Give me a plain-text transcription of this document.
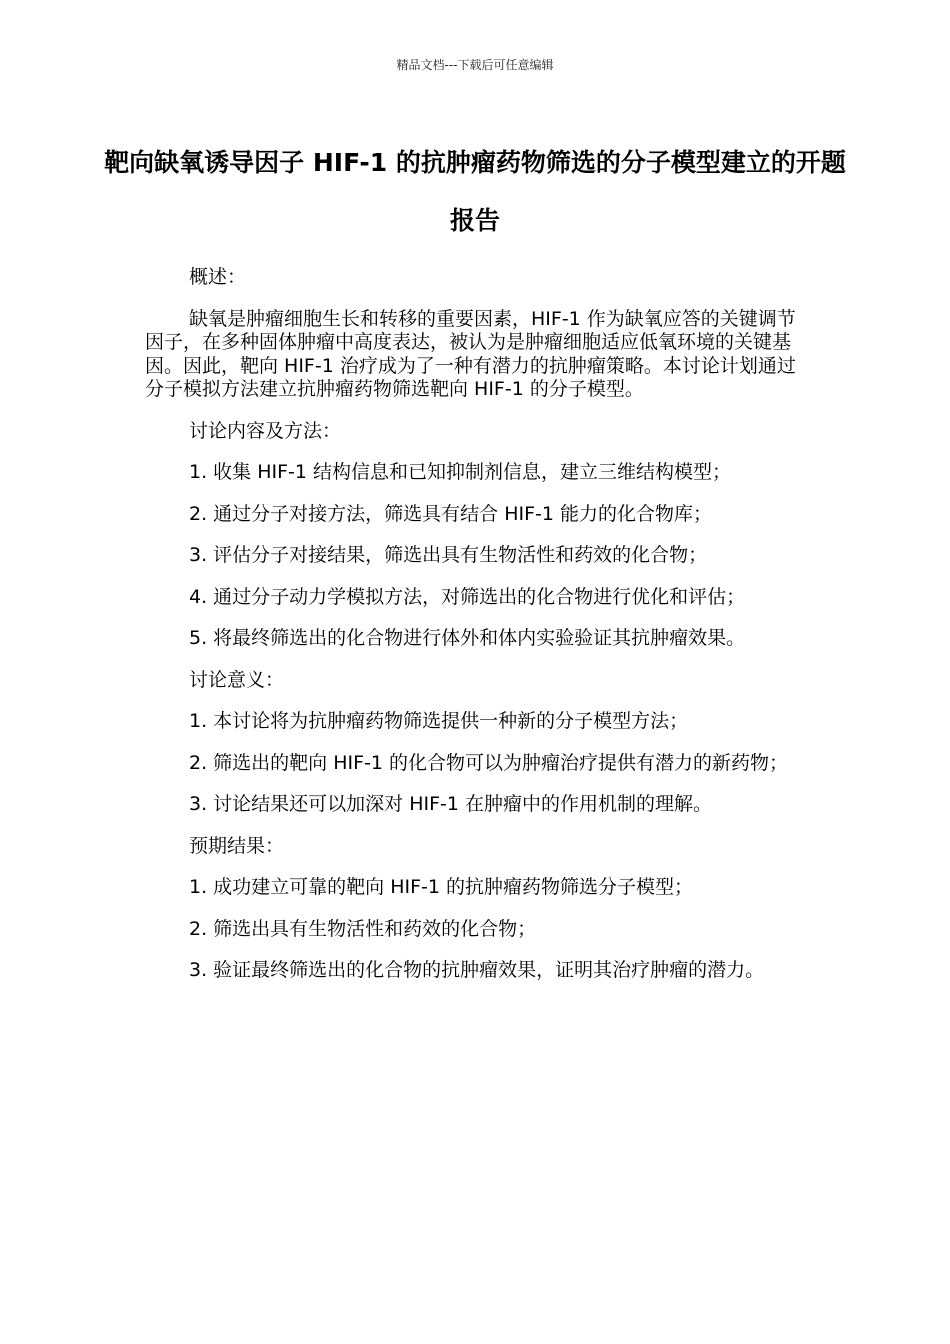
精品文档---下载后可任意编辑
靶向缺氧诱导因子 HIF-1 的抗肿瘤药物筛选的分子模型建立的开题报告

概述：

缺氧是肿瘤细胞生长和转移的重要因素，HIF-1 作为缺氧应答的关键调节因子，在多种固体肿瘤中高度表达，被认为是肿瘤细胞适应低氧环境的关键基因。因此，靶向 HIF-1 治疗成为了一种有潜力的抗肿瘤策略。本讨论计划通过分子模拟方法建立抗肿瘤药物筛选靶向 HIF-1 的分子模型。

讨论内容及方法：

1. 收集 HIF-1 结构信息和已知抑制剂信息，建立三维结构模型；

2. 通过分子对接方法，筛选具有结合 HIF-1 能力的化合物库；

3. 评估分子对接结果，筛选出具有生物活性和药效的化合物；

4. 通过分子动力学模拟方法，对筛选出的化合物进行优化和评估；

5. 将最终筛选出的化合物进行体外和体内实验验证其抗肿瘤效果。

讨论意义：

1. 本讨论将为抗肿瘤药物筛选提供一种新的分子模型方法；

2. 筛选出的靶向 HIF-1 的化合物可以为肿瘤治疗提供有潜力的新药物；

3. 讨论结果还可以加深对 HIF-1 在肿瘤中的作用机制的理解。

预期结果：

1. 成功建立可靠的靶向 HIF-1 的抗肿瘤药物筛选分子模型；

2. 筛选出具有生物活性和药效的化合物；

3. 验证最终筛选出的化合物的抗肿瘤效果，证明其治疗肿瘤的潜力。
